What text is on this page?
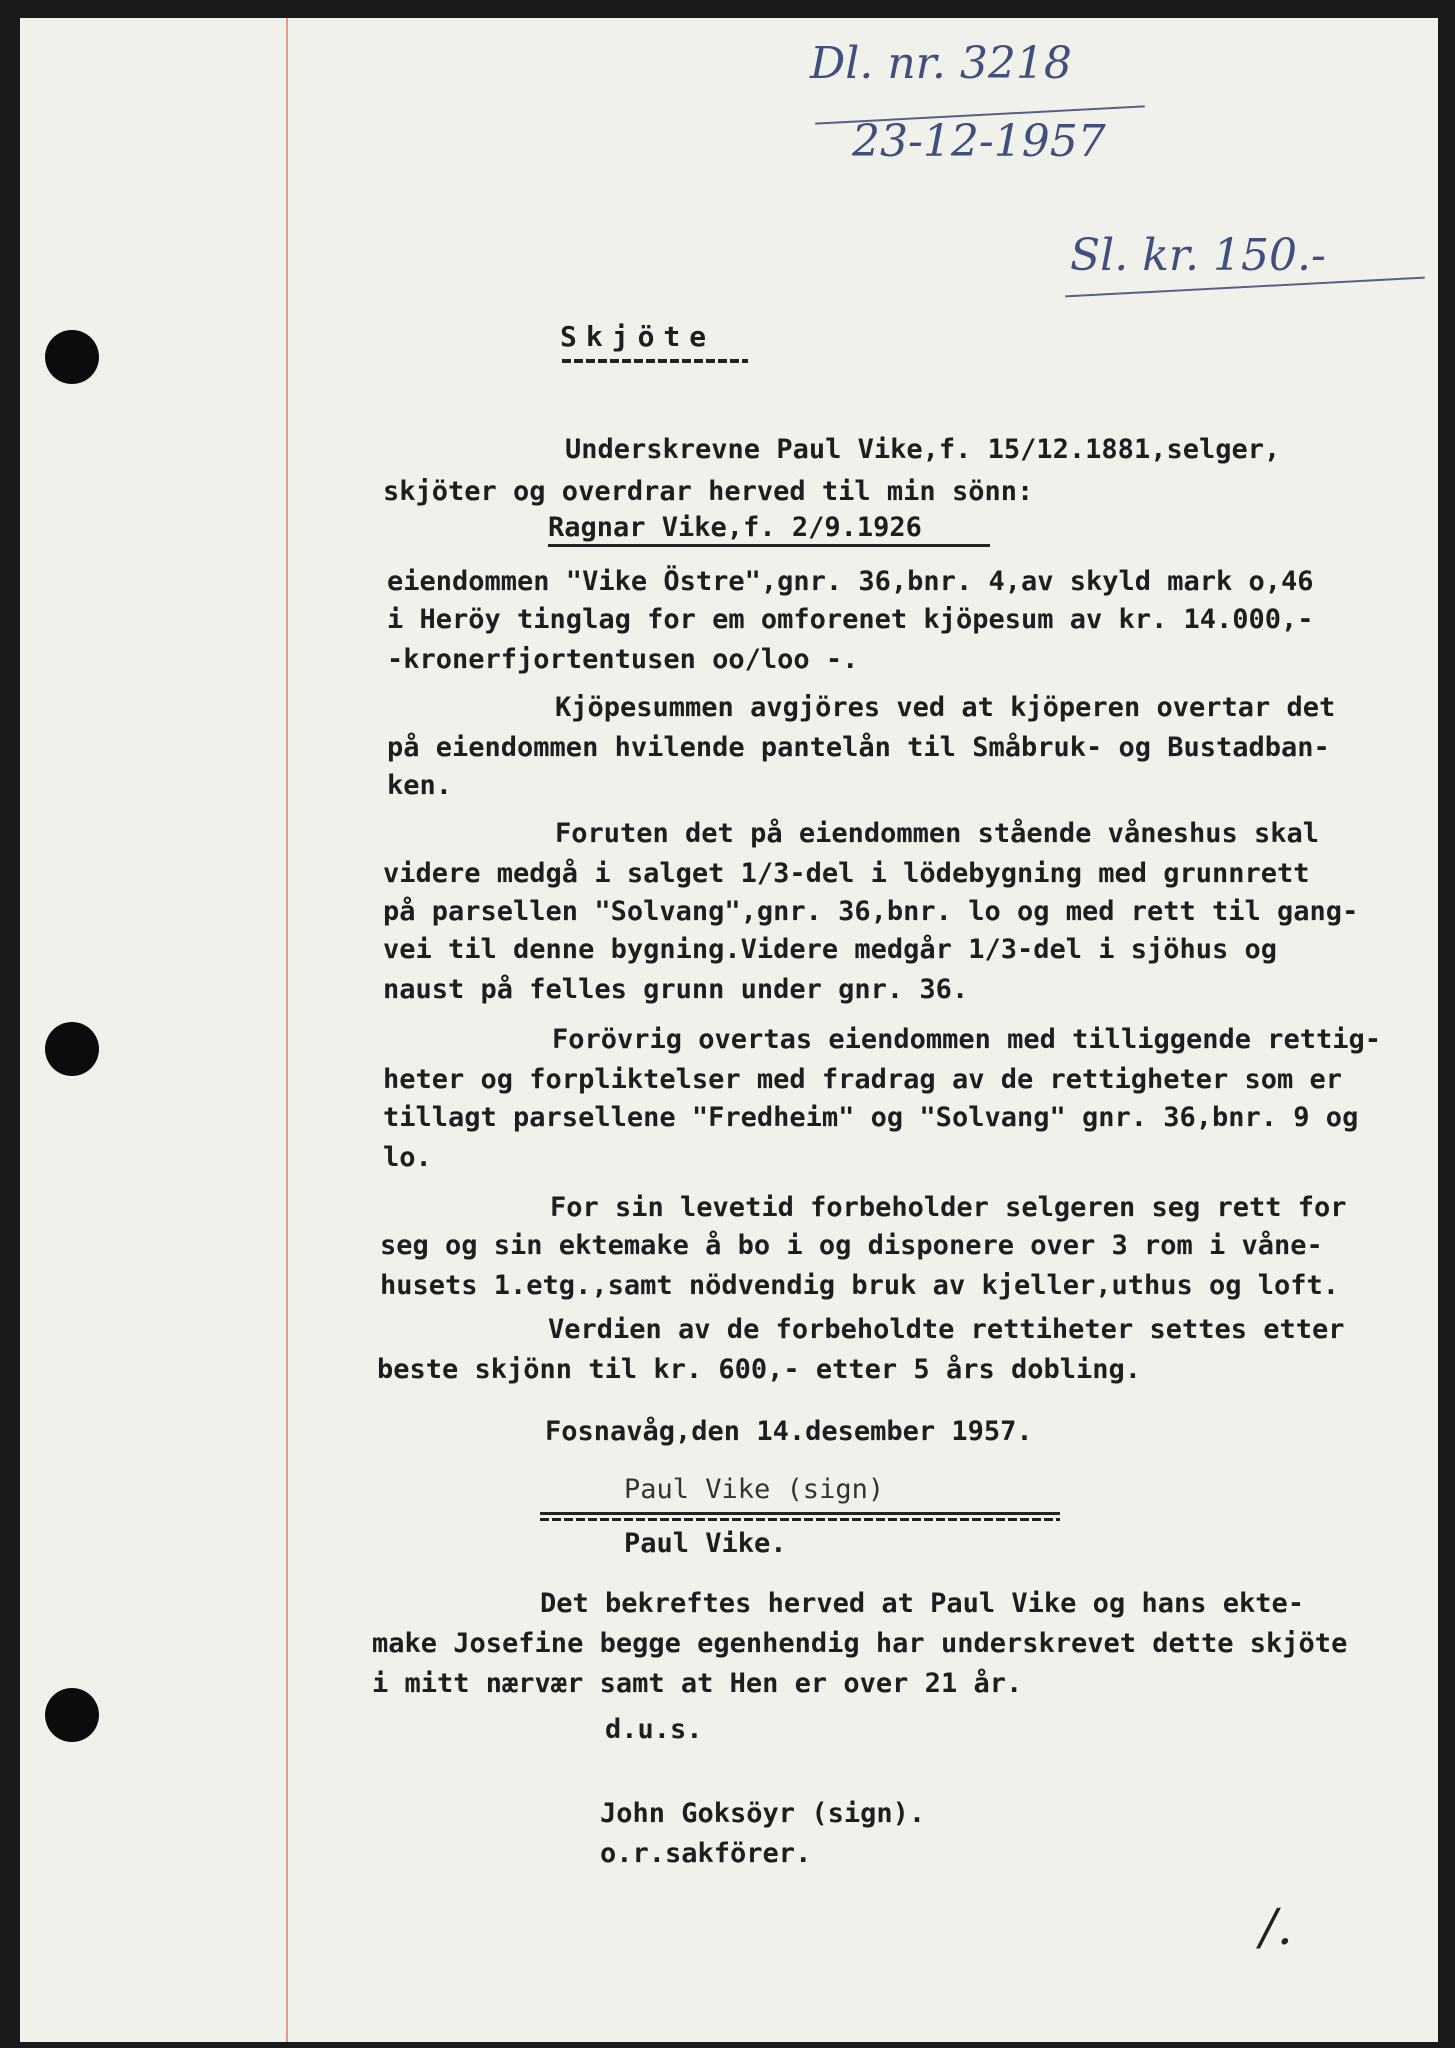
Dl. nr. 3218
23-12-1957
Sl. kr. 150.-
Skjöte
Underskrevne Paul Vike,f. 15/12.1881,selger,
skjöter og overdrar herved til min sönn:
Ragnar Vike,f. 2/9.1926
eiendommen "Vike Östre",gnr. 36,bnr. 4,av skyld mark o,46
i Heröy tinglag for em omforenet kjöpesum av kr. 14.000,-
-kronerfjortentusen oo/loo -.
Kjöpesummen avgjöres ved at kjöperen overtar det
på eiendommen hvilende pantelån til Småbruk- og Bustadban-
ken.
Foruten det på eiendommen stående våneshus skal
videre medgå i salget 1/3-del i lödebygning med grunnrett
på parsellen "Solvang",gnr. 36,bnr. lo og med rett til gang-
vei til denne bygning.Videre medgår 1/3-del i sjöhus og
naust på felles grunn under gnr. 36.
Forövrig overtas eiendommen med tilliggende rettig-
heter og forpliktelser med fradrag av de rettigheter som er
tillagt parsellene "Fredheim" og "Solvang" gnr. 36,bnr. 9 og
lo.
For sin levetid forbeholder selgeren seg rett for
seg og sin ektemake å bo i og disponere over 3 rom i våne-
husets 1.etg.,samt nödvendig bruk av kjeller,uthus og loft.
Verdien av de forbeholdte rettiheter settes etter
beste skjönn til kr. 600,- etter 5 års dobling.
Fosnavåg,den 14.desember 1957.
Paul Vike (sign)
Paul Vike.
Det bekreftes herved at Paul Vike og hans ekte-
make Josefine begge egenhendig har underskrevet dette skjöte
i mitt nærvær samt at Hen er over 21 år.
d.u.s.
John Goksöyr (sign).
o.r.sakförer.
/.
